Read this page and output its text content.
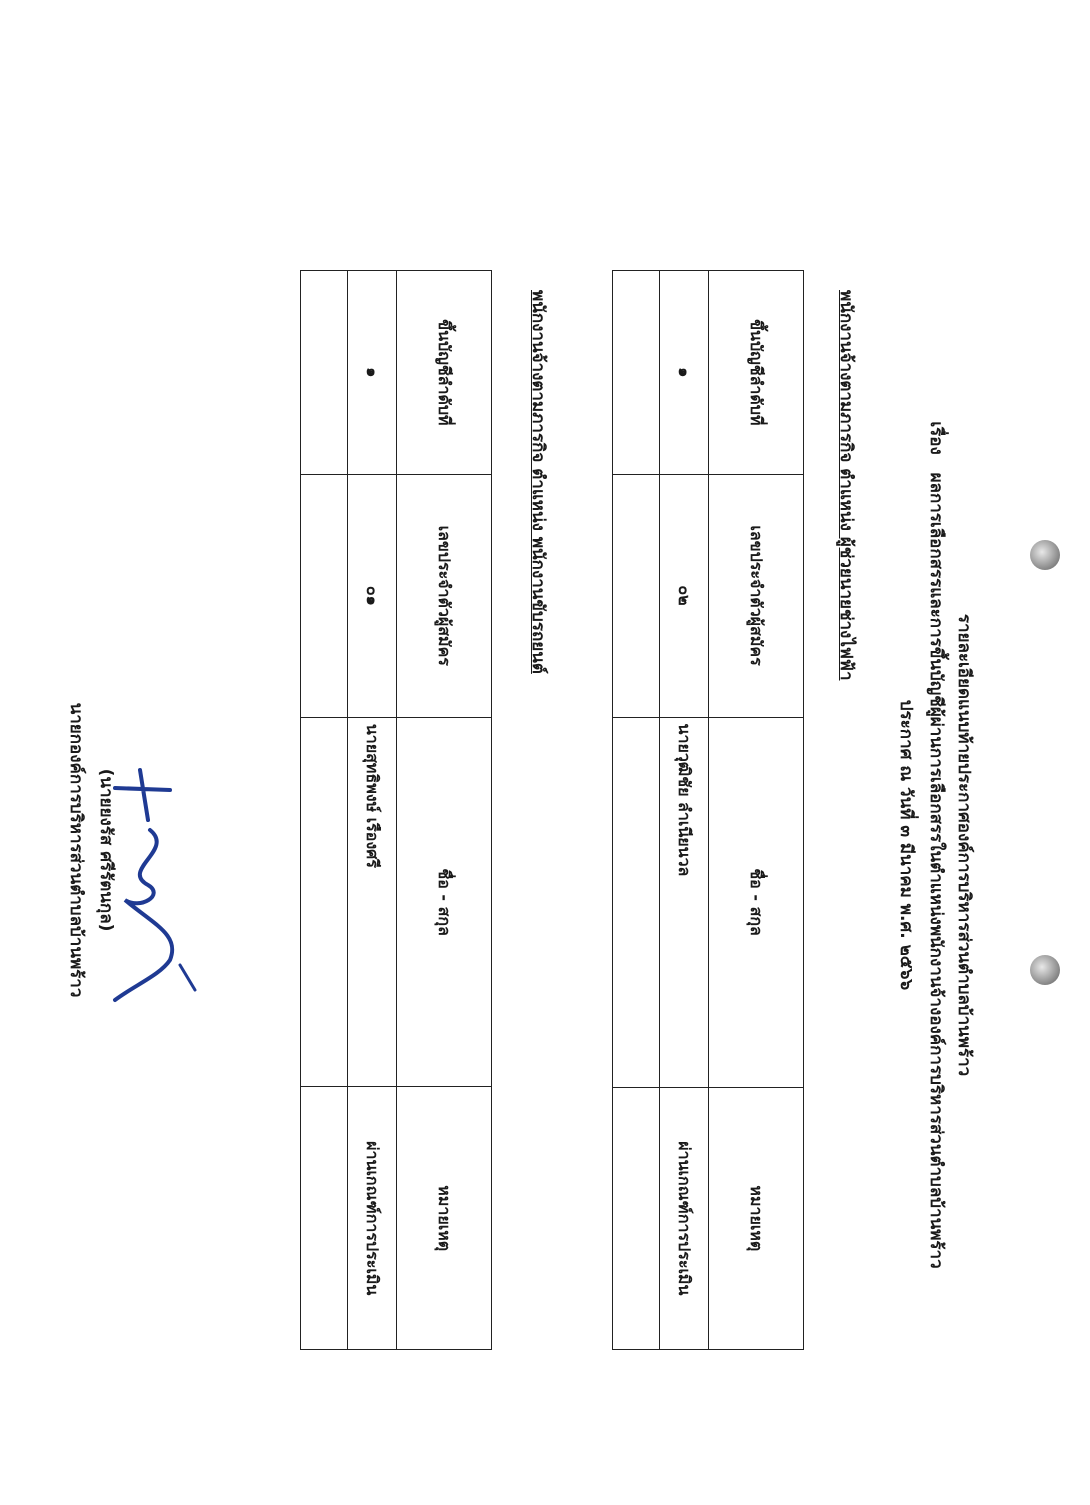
รายละเอียดแนบท้ายประกาศองค์การบริหารส่วนตำบลบ้านพร้าว
เรื่อง   ผลการเลือกสรรและการขึ้นบัญชีผู้ผ่านการเลือกสรรในตำแหน่งพนักงานจ้างองค์การบริหารส่วนตำบลบ้านพร้าว
ประกาศ ณ วันที่ ๓ มีนาคม พ.ศ. ๒๕๖๖
พนักงานจ้างตามภารกิจ ตำแหน่ง ผู้ช่วยนายช่างไฟฟ้า
ขึ้นบัญชีลำดับที่	เลขประจำตัวผู้สมัคร	ชื่อ - สกุล	หมายเหตุ
๑	๐๒	นายวุฒิชัย ลำเนียนวล	ผ่านเกณฑ์การประเมิน

พนักงานจ้างตามภารกิจ ตำแหน่ง พนักงานขับรถยนต์
ขึ้นบัญชีลำดับที่	เลขประจำตัวผู้สมัคร	ชื่อ - สกุล	หมายเหตุ
๑	๐๑	นายสุทธิพงษ์ เรืองศรี	ผ่านเกณฑ์การประเมิน

(นายยงรัส ศรีรัตนกุล)
นายกองค์การบริหารส่วนตำบลบ้านพร้าว
